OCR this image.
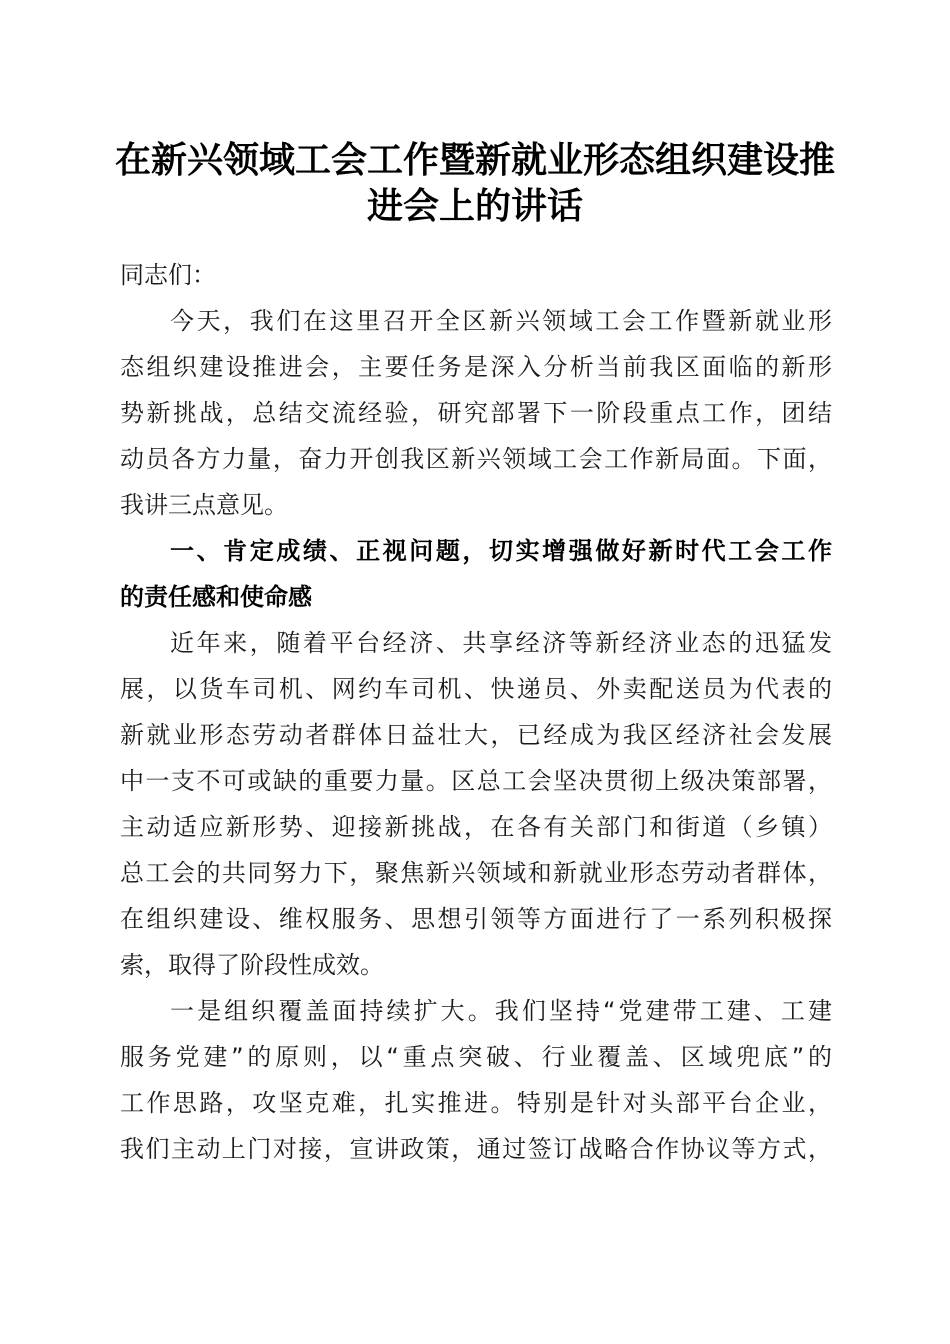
在新兴领域工会工作暨新就业形态组织建设推
进会上的讲话
同志们：
今天，我们在这里召开全区新兴领域工会工作暨新就业形
态组织建设推进会，主要任务是深入分析当前我区面临的新形
势新挑战，总结交流经验，研究部署下一阶段重点工作，团结
动员各方力量，奋力开创我区新兴领域工会工作新局面。下面，
我讲三点意见。
一、肯定成绩、正视问题，切实增强做好新时代工会工作
的责任感和使命感
近年来，随着平台经济、共享经济等新经济业态的迅猛发
展，以货车司机、网约车司机、快递员、外卖配送员为代表的
新就业形态劳动者群体日益壮大，已经成为我区经济社会发展
中一支不可或缺的重要力量。区总工会坚决贯彻上级决策部署，
主动适应新形势、迎接新挑战，在各有关部门和街道（乡镇）
总工会的共同努力下，聚焦新兴领域和新就业形态劳动者群体，
在组织建设、维权服务、思想引领等方面进行了一系列积极探
索，取得了阶段性成效。
一是组织覆盖面持续扩大。我们坚持“党建带工建、工建
服务党建”的原则，以“重点突破、行业覆盖、区域兜底”的
工作思路，攻坚克难，扎实推进。特别是针对头部平台企业，
我们主动上门对接，宣讲政策，通过签订战略合作协议等方式，
